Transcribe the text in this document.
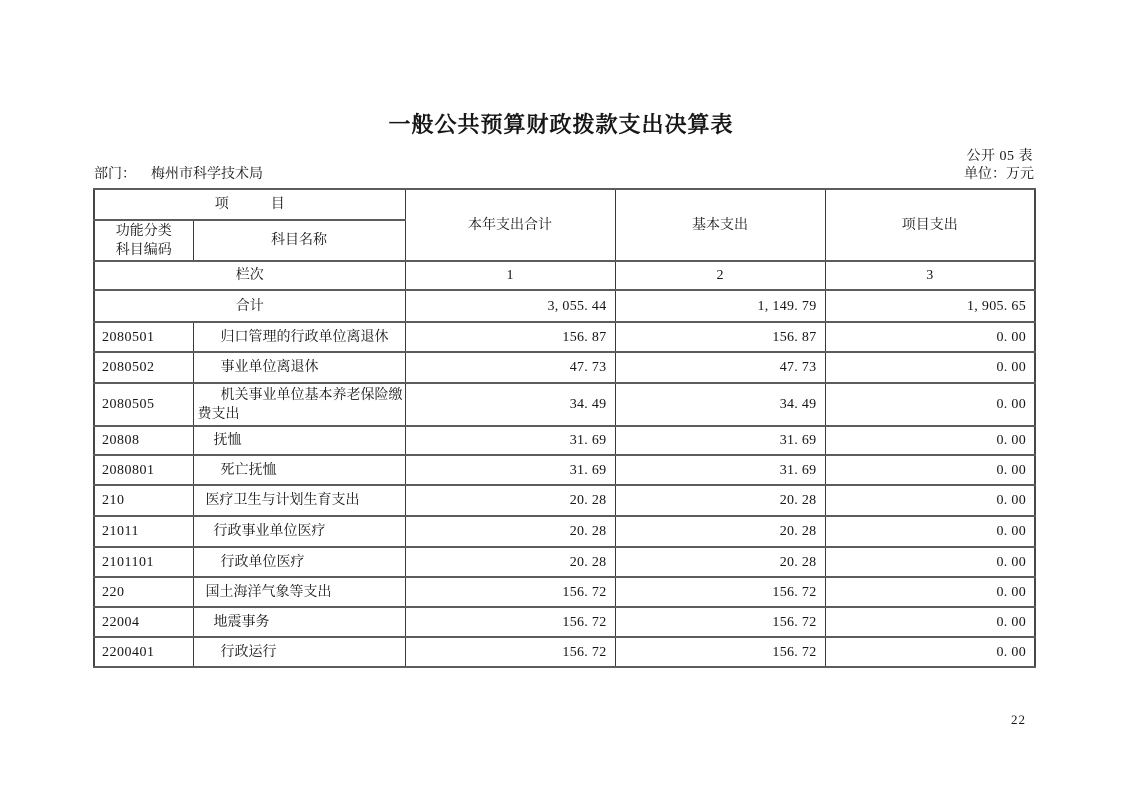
一般公共预算财政拨款支出决算表
公开 05 表
部门： 梅州市科学技术局	单位：万元
项　　　目		本年支出合计	基本支出	项目支出

功能分类
科目编码	科目名称			
栏次		1	2	3
合计		3, 055. 44	1, 149. 79	1, 905. 65
2080501	归口管理的行政单位离退休	156. 87	156. 87	0. 00
2080502	事业单位离退休	47. 73	47. 73	0. 00
2080505	机关事业单位基本养老保险缴费支出	34. 49	34. 49	0. 00
20808	抚恤	31. 69	31. 69	0. 00
2080801	死亡抚恤	31. 69	31. 69	0. 00
210	医疗卫生与计划生育支出	20. 28	20. 28	0. 00
21011	行政事业单位医疗	20. 28	20. 28	0. 00
2101101	行政单位医疗	20. 28	20. 28	0. 00
220	国土海洋气象等支出	156. 72	156. 72	0. 00
22004	地震事务	156. 72	156. 72	0. 00
2200401	行政运行	156. 72	156. 72	0. 00
22
